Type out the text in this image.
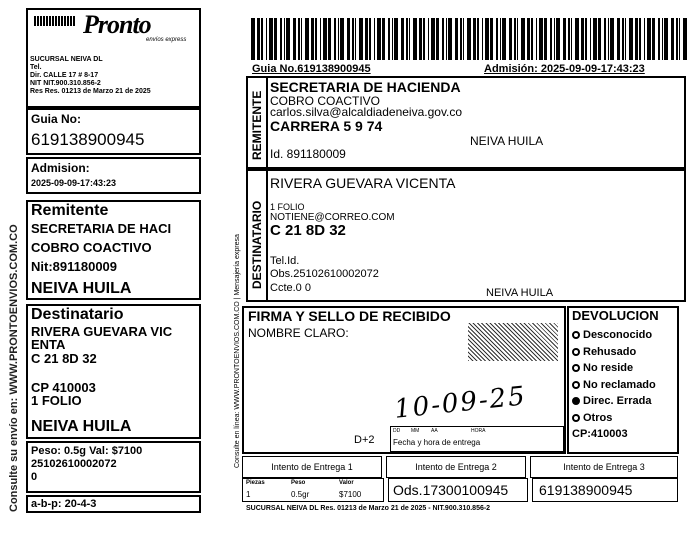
Consulte su envío en: WWW.PRONTOENVIOS.COM.CO
Pronto
envíos express
SUCURSAL NEIVA DL
Tel.
Dir. CALLE 17 # 8-17
NIT NIT.900.310.856-2
Res Res. 01213 de Marzo 21 de 2025
Guia No:
619138900945
Admision:
2025-09-09-17:43:23
Remitente
SECRETARIA DE HACI
COBRO COACTIVO
Nit:891180009
NEIVA HUILA
Destinatario
RIVERA GUEVARA VIC
ENTA
C 21 8D 32
CP 410003
1 FOLIO
NEIVA HUILA
Peso: 0.5g Val: $7100
25102610002072
0
a-b-p: 20-4-3
Guia No.619138900945	Admisión: 2025-09-09-17:43:23
Consulte en línea: WWW.PRONTOENVIOS.COM.CO | Mensajería expresa
REMITENTE
SECRETARIA DE HACIENDA
COBRO COACTIVO
carlos.silva@alcaldiadeneiva.gov.co
CARRERA 5 9 74
NEIVA HUILA
Id. 891180009
DESTINATARIO
RIVERA GUEVARA VICENTA
1 FOLIO
NOTIENE@CORREO.COM
C 21 8D 32
Tel.Id.
Obs.25102610002072
Ccte.0 0	NEIVA HUILA
FIRMA Y SELLO DE RECIBIDO
NOMBRE CLARO:
10-09-25
D+2
DD MM AA	HORA
Fecha y hora de entrega
DEVOLUCION
Desconocido
Rehusado
No reside
No reclamado
Direc. Errada
Otros
CP:410003
Intento de Entrega 1	Intento de Entrega 2	Intento de Entrega 3
Piezas	Peso	Valor
1	0.5gr	$7100 Ods.17300100945 619138900945
SUCURSAL NEIVA DL Res. 01213 de Marzo 21 de 2025 - NIT.900.310.856-2
